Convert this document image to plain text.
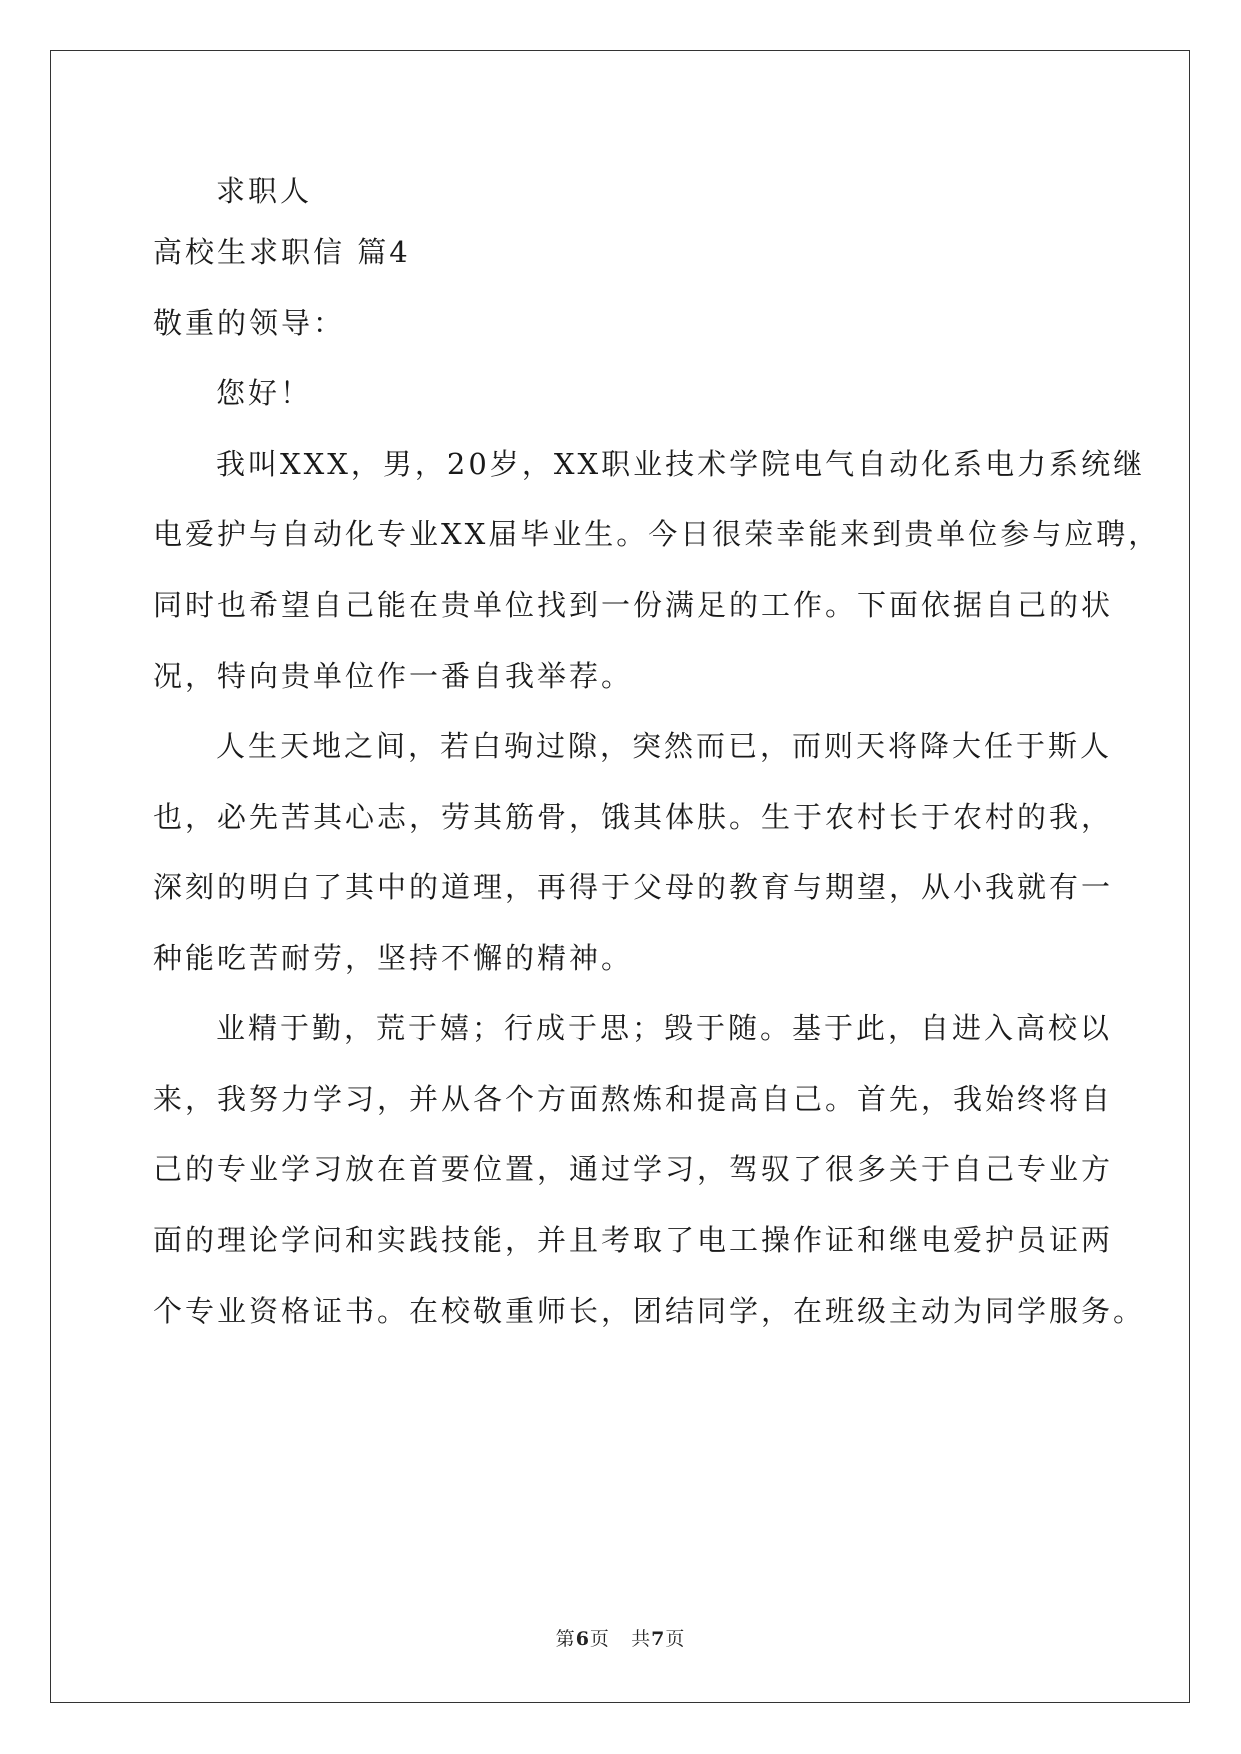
求职人
高校生求职信 篇4
敬重的领导：
您好！
我叫XXX，男，20岁，XX职业技术学院电气自动化系电力系统继
电爱护与自动化专业XX届毕业生。今日很荣幸能来到贵单位参与应聘，
同时也希望自己能在贵单位找到一份满足的工作。下面依据自己的状
况，特向贵单位作一番自我举荐。
人生天地之间，若白驹过隙，突然而已，而则天将降大任于斯人
也，必先苦其心志，劳其筋骨，饿其体肤。生于农村长于农村的我，
深刻的明白了其中的道理，再得于父母的教育与期望，从小我就有一
种能吃苦耐劳，坚持不懈的精神。
业精于勤，荒于嬉；行成于思；毁于随。基于此，自进入高校以
来，我努力学习，并从各个方面熬炼和提高自己。首先，我始终将自
己的专业学习放在首要位置，通过学习，驾驭了很多关于自己专业方
面的理论学问和实践技能，并且考取了电工操作证和继电爱护员证两
个专业资格证书。在校敬重师长，团结同学，在班级主动为同学服务。
第6页 共7页
